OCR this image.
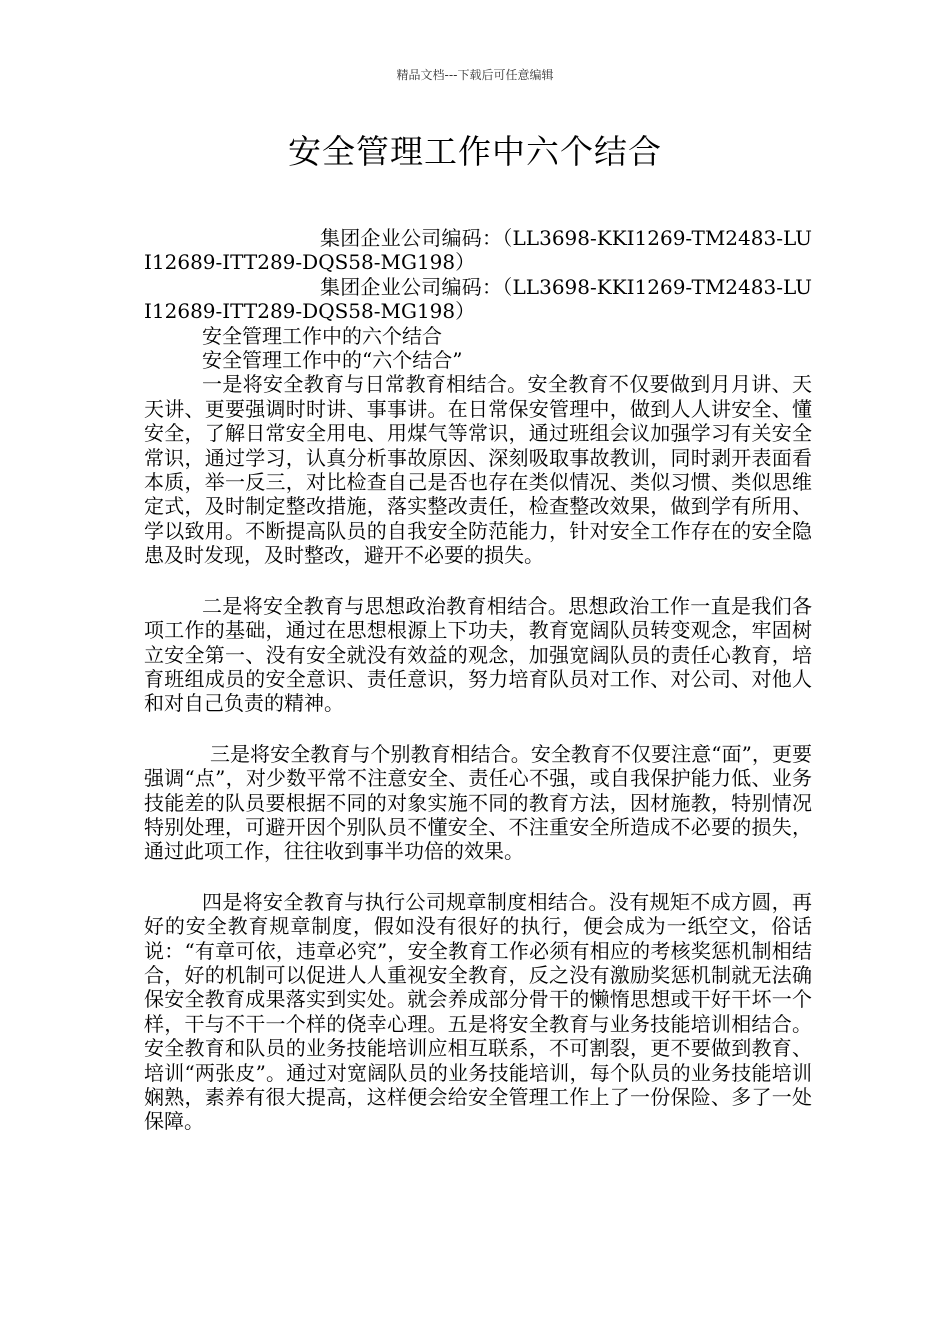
精品文档---下载后可任意编辑
安全管理工作中六个结合

集团企业公司编码：（LL3698-KKI1269-TM2483-LUI12689-ITT289-DQS58-MG198）

集团企业公司编码：（LL3698-KKI1269-TM2483-LUI12689-ITT289-DQS58-MG198）

安全管理工作中的六个结合

安全管理工作中的“六个结合”

一是将安全教育与日常教育相结合。安全教育不仅要做到月月讲、天天讲、更要强调时时讲、事事讲。在日常保安管理中，做到人人讲安全、懂安全，了解日常安全用电、用煤气等常识，通过班组会议加强学习有关安全常识，通过学习，认真分析事故原因、深刻吸取事故教训，同时剥开表面看本质，举一反三，对比检查自己是否也存在类似情况、类似习惯、类似思维定式，及时制定整改措施，落实整改责任，检查整改效果，做到学有所用、学以致用。不断提高队员的自我安全防范能力，针对安全工作存在的安全隐患及时发现，及时整改，避开不必要的损失。

二是将安全教育与思想政治教育相结合。思想政治工作一直是我们各项工作的基础，通过在思想根源上下功夫，教育宽阔队员转变观念，牢固树立安全第一、没有安全就没有效益的观念，加强宽阔队员的责任心教育，培育班组成员的安全意识、责任意识，努力培育队员对工作、对公司、对他人和对自己负责的精神。

三是将安全教育与个别教育相结合。安全教育不仅要注意“面”，更要强调“点”，对少数平常不注意安全、责任心不强，或自我保护能力低、业务技能差的队员要根据不同的对象实施不同的教育方法，因材施教，特别情况特别处理，可避开因个别队员不懂安全、不注重安全所造成不必要的损失，通过此项工作，往往收到事半功倍的效果。

四是将安全教育与执行公司规章制度相结合。没有规矩不成方圆，再好的安全教育规章制度，假如没有很好的执行，便会成为一纸空文，俗话说：“有章可依，违章必究”，安全教育工作必须有相应的考核奖惩机制相结合，好的机制可以促进人人重视安全教育，反之没有激励奖惩机制就无法确保安全教育成果落实到实处。就会养成部分骨干的懒惰思想或干好干坏一个样，干与不干一个样的侥幸心理。五是将安全教育与业务技能培训相结合。安全教育和队员的业务技能培训应相互联系，不可割裂，更不要做到教育、培训“两张皮”。通过对宽阔队员的业务技能培训，每个队员的业务技能培训娴熟，素养有很大提高，这样便会给安全管理工作上了一份保险、多了一处保障。
